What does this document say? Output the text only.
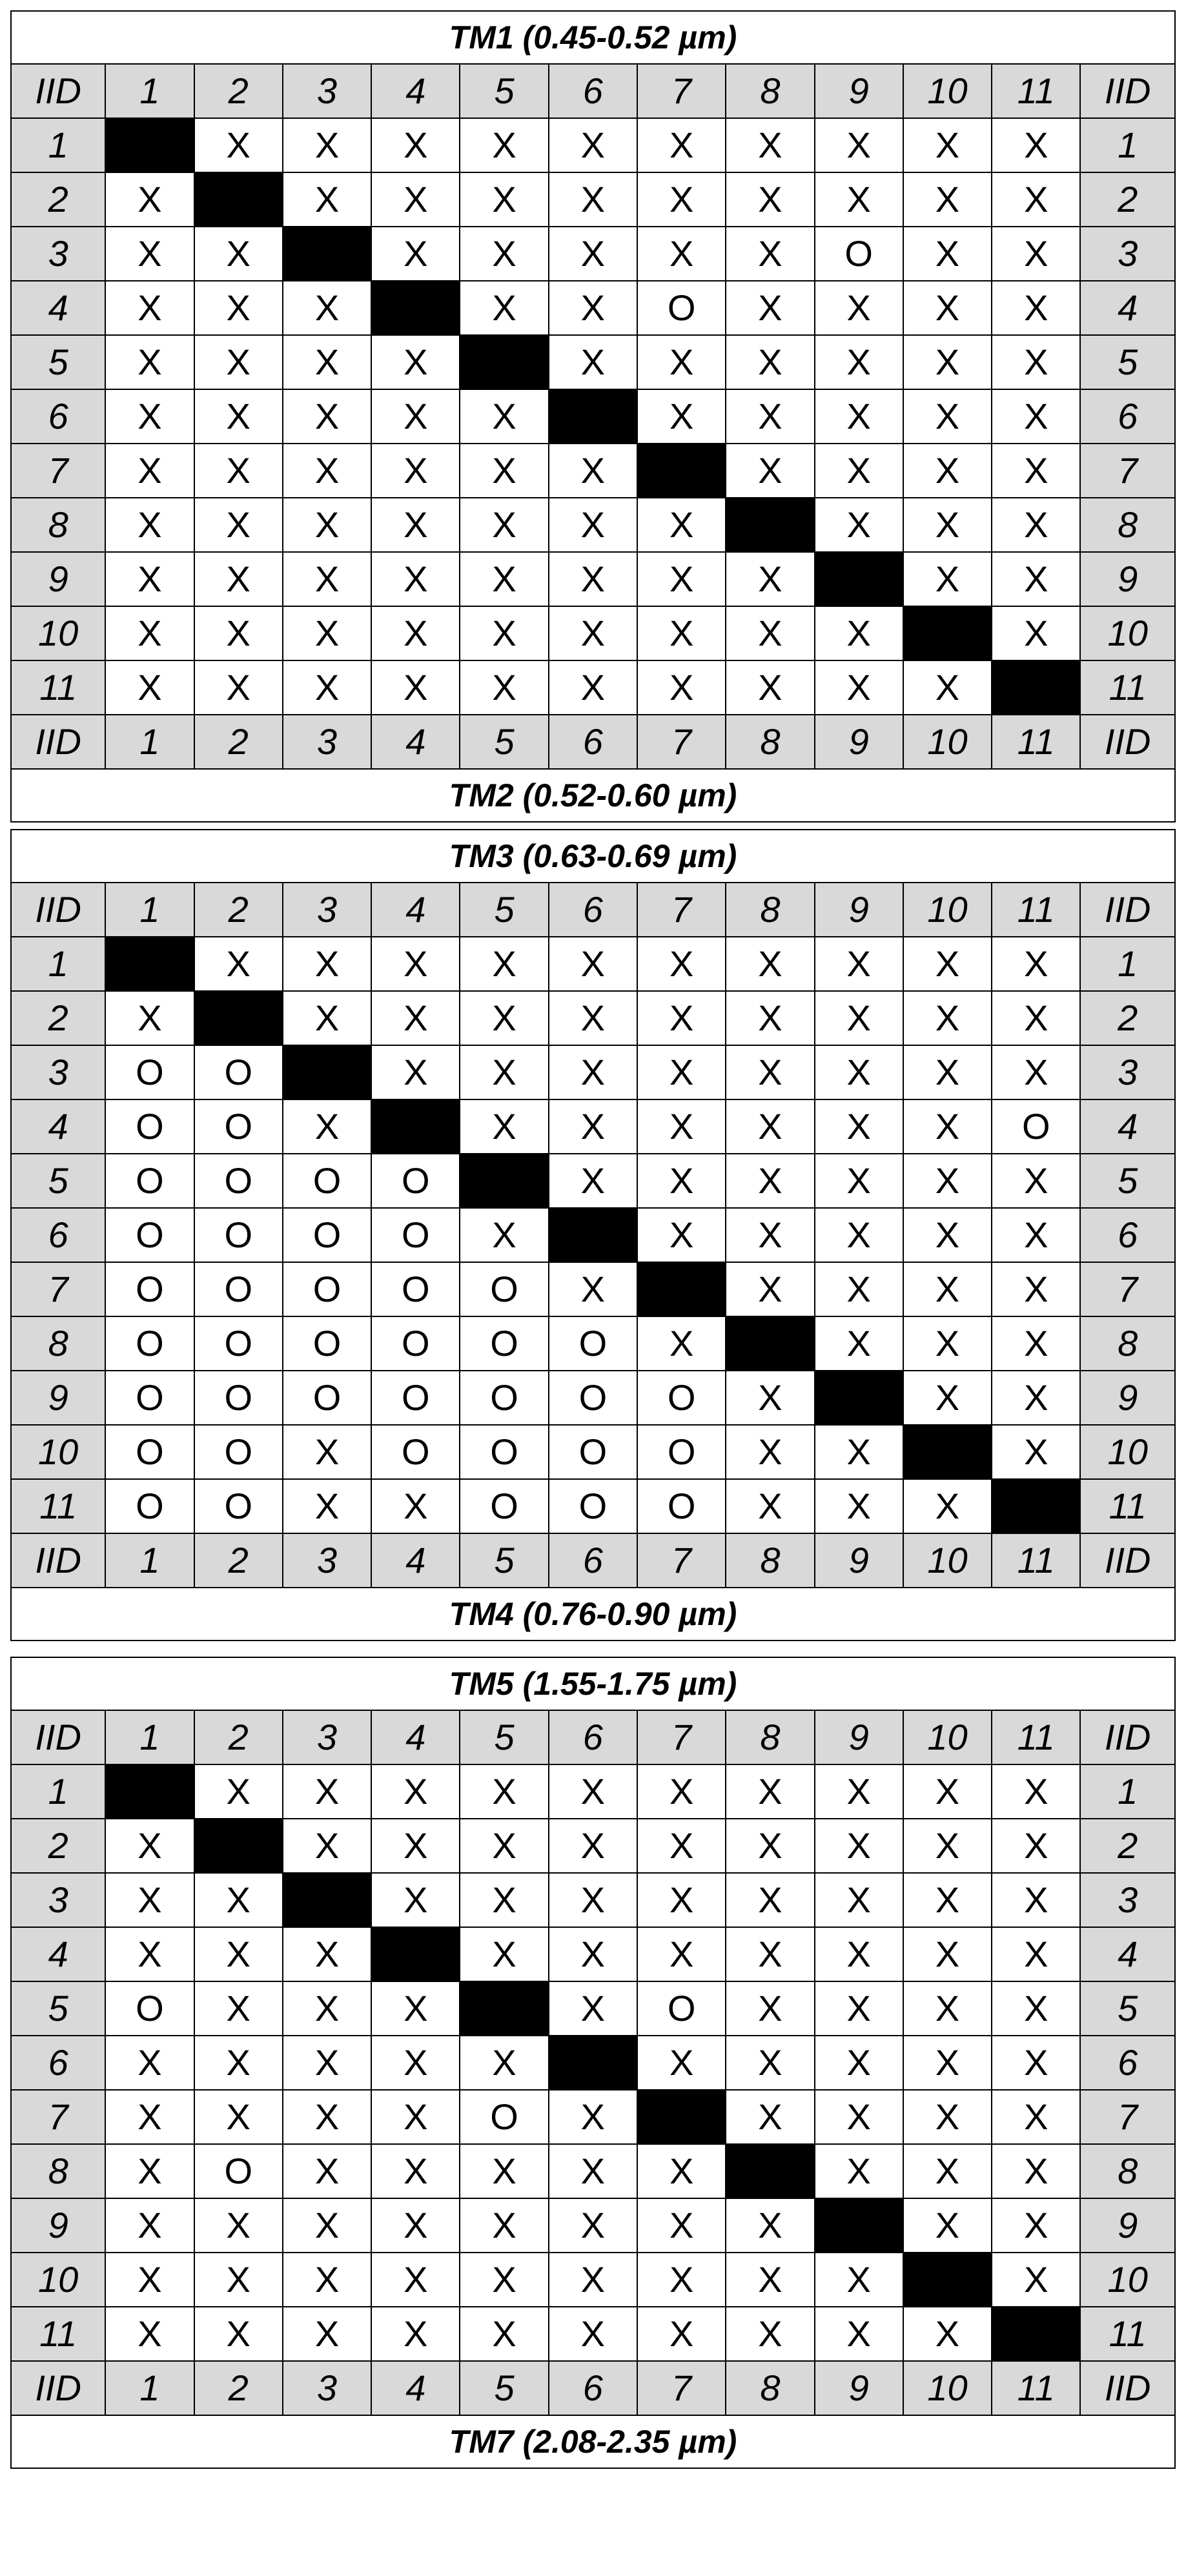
TM1 (0.45-0.52 µm)												
IID	1	2	3	4	5	6	7	8	9	10	11	IID
1		X	X	X	X	X	X	X	X	X	X	1
2	X		X	X	X	X	X	X	X	X	X	2
3	X	X		X	X	X	X	X	O	X	X	3
4	X	X	X		X	X	O	X	X	X	X	4
5	X	X	X	X		X	X	X	X	X	X	5
6	X	X	X	X	X		X	X	X	X	X	6
7	X	X	X	X	X	X		X	X	X	X	7
8	X	X	X	X	X	X	X		X	X	X	8
9	X	X	X	X	X	X	X	X		X	X	9
10	X	X	X	X	X	X	X	X	X		X	10
11	X	X	X	X	X	X	X	X	X	X		11
IID	1	2	3	4	5	6	7	8	9	10	11	IID
TM2 (0.52-0.60 µm)												
TM3 (0.63-0.69 µm)												
IID	1	2	3	4	5	6	7	8	9	10	11	IID
1		X	X	X	X	X	X	X	X	X	X	1
2	X		X	X	X	X	X	X	X	X	X	2
3	O	O		X	X	X	X	X	X	X	X	3
4	O	O	X		X	X	X	X	X	X	O	4
5	O	O	O	O		X	X	X	X	X	X	5
6	O	O	O	O	X		X	X	X	X	X	6
7	O	O	O	O	O	X		X	X	X	X	7
8	O	O	O	O	O	O	X		X	X	X	8
9	O	O	O	O	O	O	O	X		X	X	9
10	O	O	X	O	O	O	O	X	X		X	10
11	O	O	X	X	O	O	O	X	X	X		11
IID	1	2	3	4	5	6	7	8	9	10	11	IID
TM4 (0.76-0.90 µm)												
TM5 (1.55-1.75 µm)												
IID	1	2	3	4	5	6	7	8	9	10	11	IID
1		X	X	X	X	X	X	X	X	X	X	1
2	X		X	X	X	X	X	X	X	X	X	2
3	X	X		X	X	X	X	X	X	X	X	3
4	X	X	X		X	X	X	X	X	X	X	4
5	O	X	X	X		X	O	X	X	X	X	5
6	X	X	X	X	X		X	X	X	X	X	6
7	X	X	X	X	O	X		X	X	X	X	7
8	X	O	X	X	X	X	X		X	X	X	8
9	X	X	X	X	X	X	X	X		X	X	9
10	X	X	X	X	X	X	X	X	X		X	10
11	X	X	X	X	X	X	X	X	X	X		11
IID	1	2	3	4	5	6	7	8	9	10	11	IID
TM7 (2.08-2.35 µm)												
